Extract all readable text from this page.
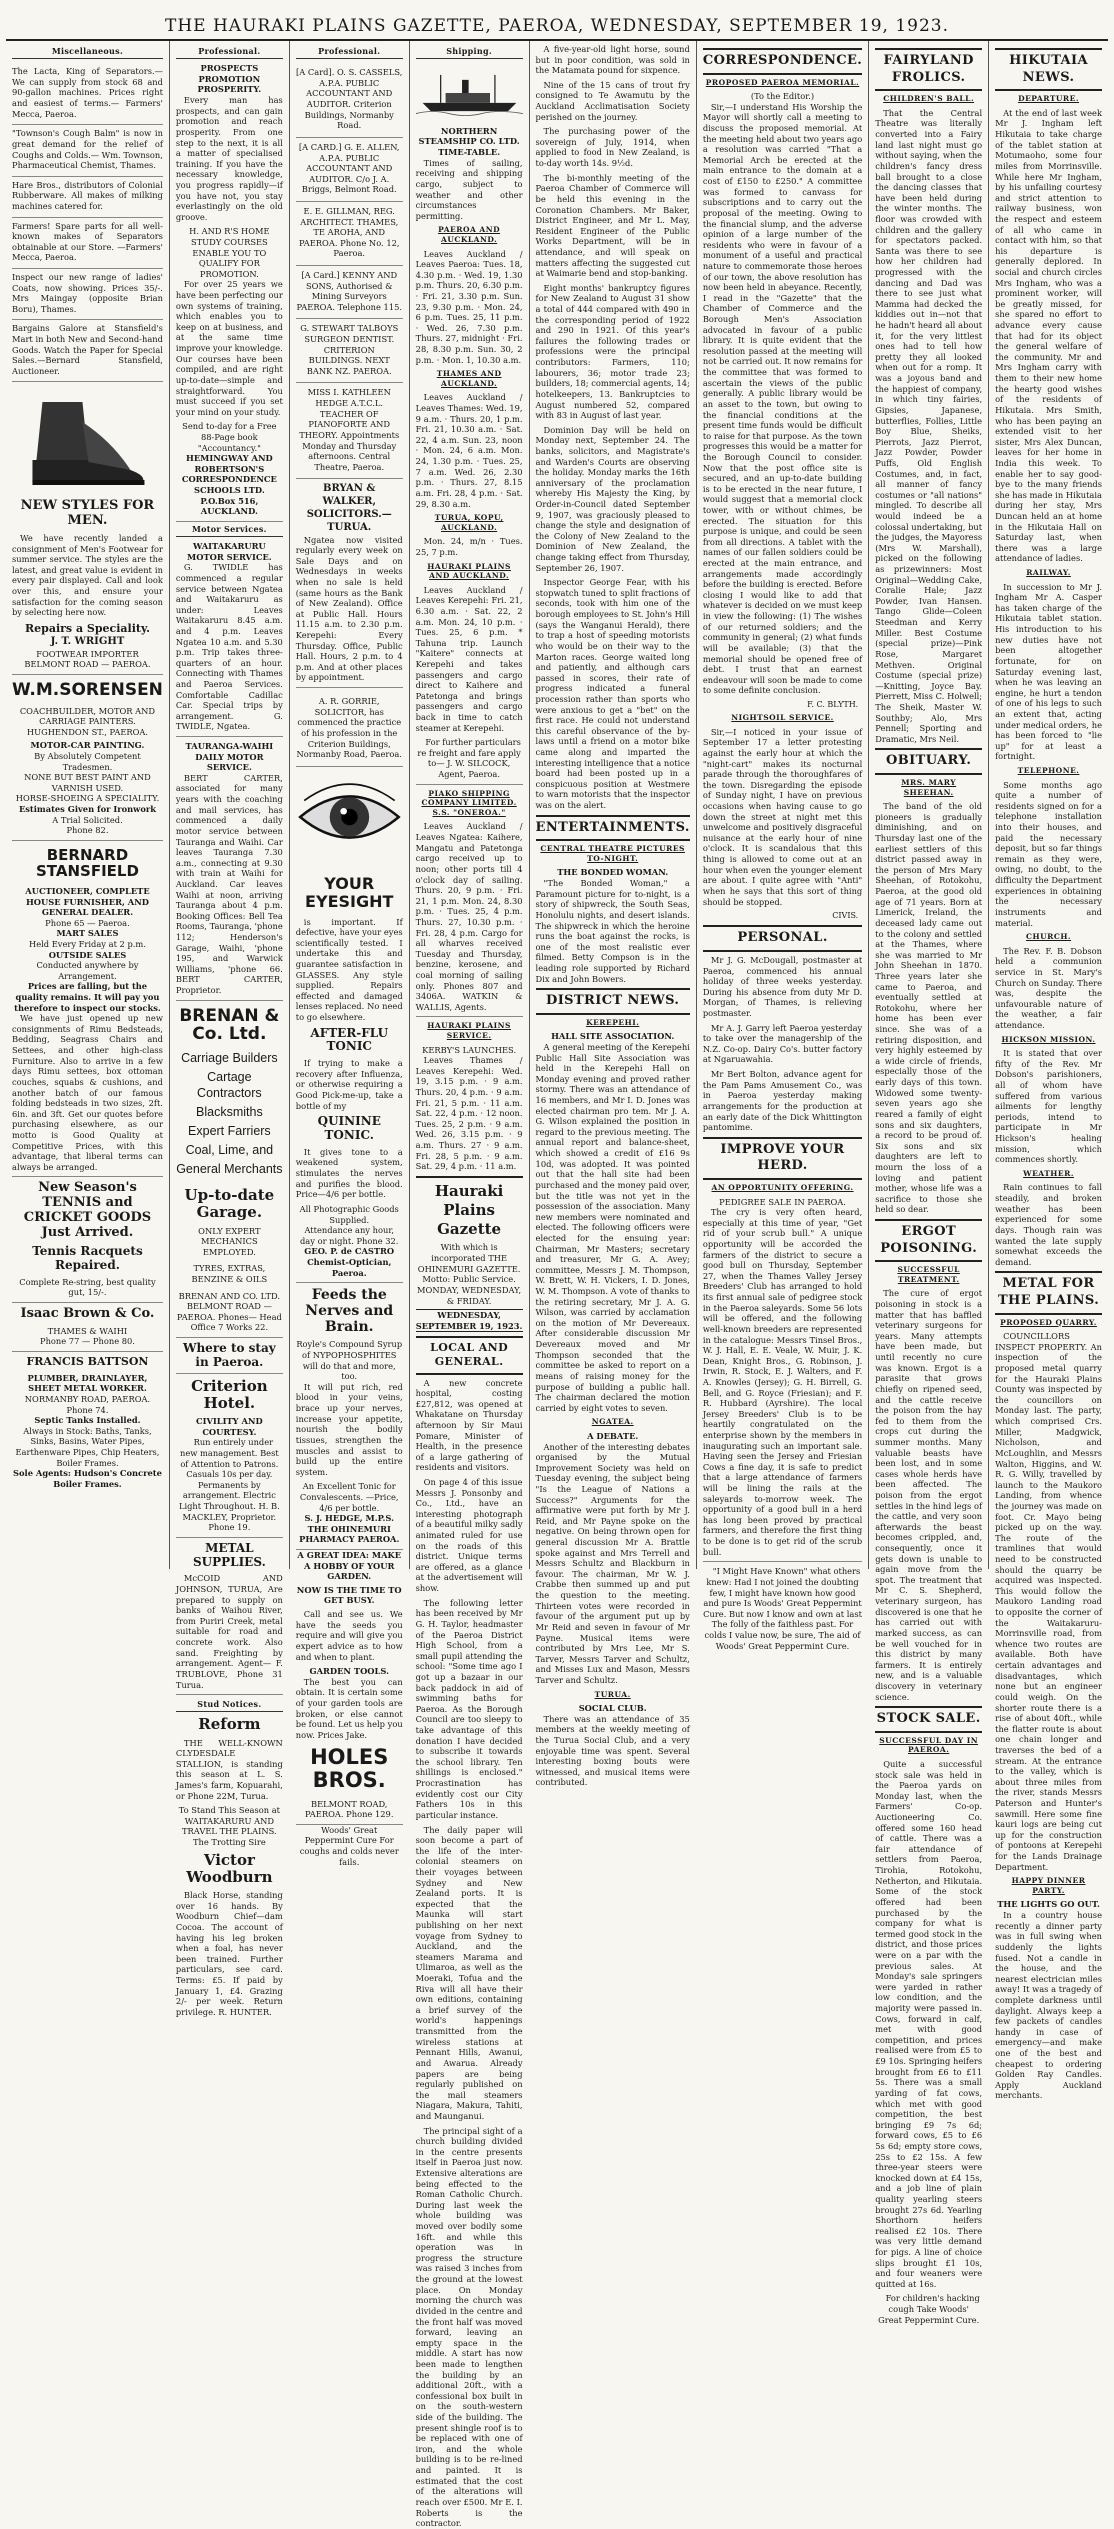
THE HAURAKI PLAINS GAZETTE, PAEROA, WEDNESDAY, SEPTEMBER 19, 1923.
Miscellaneous.
The Lacta, King of Separators.— We can supply from stock 68 and 90-gallon machines. Prices right and easiest of terms.— Farmers' Mecca, Paeroa.
"Townson's Cough Balm" is now in great demand for the relief of Coughs and Colds.— Wm. Townson, Pharmaceutical Chemist, Thames.
Hare Bros., distributors of Colonial Rubberware. All makes of milking machines catered for.
Farmers! Spare parts for all well-known makes of Separators obtainable at our Store. —Farmers' Mecca, Paeroa.
Inspect our new range of ladies' Coats, now showing. Prices 35/-. Mrs Maingay (opposite Brian Boru), Thames.
Bargains Galore at Stansfield's Mart in both New and Second-hand Goods. Watch the Paper for Special Sales.—Bernard Stansfield, Auctioneer.
NEW STYLES FOR MEN.

We have recently landed a consignment of Men's Footwear for summer service. The styles are the latest, and great value is evident in every pair displayed. Call and look over this, and ensure your satisfaction for the coming season by selecting here now.

Repairs a Speciality.
J. T. WRIGHT
FOOTWEAR IMPORTER
BELMONT ROAD — PAEROA.
W.M.SORENSEN
COACHBUILDER, MOTOR AND CARRIAGE PAINTERS. HUGHENDON ST., PAEROA.
MOTOR-CAR PAINTING.
By Absolutely Competent Tradesmen.
NONE BUT BEST PAINT AND VARNISH USED.
HORSE-SHOEING A SPECIALITY.
Estimates Given for Ironwork
A Trial Solicited.
Phone 82.
BERNARD STANSFIELD
AUCTIONEER, COMPLETE HOUSE FURNISHER, AND GENERAL DEALER.
Phone 65 — Paeroa.
MART SALES
Held Every Friday at 2 p.m.
OUTSIDE SALES
Conducted anywhere by Arrangement.
Prices are falling, but the quality remains. It will pay you therefore to inspect our stocks.

We have just opened up new consignments of Rimu Bedsteads, Bedding, Seagrass Chairs and Settees, and other high-class Furniture. Also to arrive in a few days Rimu settees, box ottoman couches, squabs & cushions, and another batch of our famous folding bedsteads in two sizes, 2ft. 6in. and 3ft. Get our quotes before purchasing elsewhere, as our motto is Good Quality at Competitive Prices, with this advantage, that liberal terms can always be arranged.

New Season's TENNIS and CRICKET GOODS Just Arrived.
Tennis Racquets Repaired.
Complete Re-string, best quality gut, 15/-.
Isaac Brown & Co.
THAMES & WAIHI
Phone 77 — Phone 80.
FRANCIS BATTSON
PLUMBER, DRAINLAYER, SHEET METAL WORKER.
NORMANBY ROAD, PAEROA. Phone 74.
Septic Tanks Installed.
Always in Stock: Baths, Tanks, Sinks, Basins, Water Pipes, Earthenware Pipes, Chip Heaters, Boiler Frames.
Sole Agents: Hudson's Concrete Boiler Frames.
Professional.
PROSPECTS PROMOTION PROSPERITY.

Every man has prospects, and can gain promotion and reach prosperity. From one step to the next, it is all a matter of specialised training. If you have the necessary knowledge, you progress rapidly—if you have not, you stay everlastingly on the old groove.

H. AND R'S HOME STUDY COURSES ENABLE YOU TO QUALIFY FOR PROMOTION.

For over 25 years we have been perfecting our own systems of training, which enables you to keep on at business, and at the same time improve your knowledge. Our courses have been compiled, and are right up-to-date—simple and straightforward. You must succeed if you set your mind on your study.

Send to-day for a Free 88-Page book "Accountancy."
HEMINGWAY AND ROBERTSON'S CORRESPONDENCE SCHOOLS LTD. P.O.Box 516, AUCKLAND.
Motor Services.
WAITAKARURU MOTOR SERVICE.

G. TWIDLE has commenced a regular service between Ngatea and Waitakaruru as under: Leaves Waitakaruru 8.45 a.m. and 4 p.m. Leaves Ngatea 10 a.m. and 5.30 p.m. Trip takes three-quarters of an hour. Connecting with Thames and Paeroa Services. Comfortable Cadillac Car. Special trips by arrangement. G. TWIDLE, Ngatea.

TAURANGA-WAIHI DAILY MOTOR SERVICE.

BERT CARTER, associated for many years with the coaching and mail services, has commenced a daily motor service between Tauranga and Waihi. Car leaves Tauranga 7.30 a.m., connecting at 9.30 with train at Waihi for Auckland. Car leaves Waihi at noon, arriving Tauranga about 4 p.m. Booking Offices: Bell Tea Rooms, Tauranga, 'phone 112; Henderson's Garage, Waihi, 'phone 195, and Warwick Williams, 'phone 66. BERT CARTER, Proprietor.

BRENAN & Co. Ltd.
Carriage Builders
Cartage Contractors
Blacksmiths
Expert Farriers
Coal, Lime, and
General Merchants
Up-to-date Garage.
ONLY EXPERT MECHANICS EMPLOYED.
TYRES, EXTRAS, BENZINE & OILS
BRENAN AND CO. LTD.
BELMONT ROAD — PAEROA. Phones— Head Office 7 Works 22.
Where to stay in Paeroa.
Criterion Hotel.
CIVILITY AND COURTESY.

Run entirely under new management. Best of Attention to Patrons. Casuals 10s per day. Permanents by arrangement. Electric Light Throughout. H. B. MACKLEY, Proprietor. Phone 19.

METAL SUPPLIES.

McCOID AND JOHNSON, TURUA, Are prepared to supply on banks of Waihou River, from Puriri Creek, metal suitable for road and concrete work. Also sand. Freighting by arrangement. Agent— F. TRUBLOVE, Phone 31 Turua.

Stud Notices.
Reform

THE WELL-KNOWN CLYDESDALE STALLION, is standing this season at L. S. James's farm, Kopuarahi, or Phone 22M, Turua.

To Stand This Season at WAITAKARURU AND TRAVEL THE PLAINS. The Trotting Sire
Victor Woodburn

Black Horse, standing over 16 hands. By Woodburn Chief—dam Cocoa. The account of having his leg broken when a foal, has never been trained. Further particulars, see card. Terms: £5. If paid by January 1, £4. Grazing 2/- per week. Return privilege. R. HUNTER.

Professional.
[A Card]. O. S. CASSELS, A.P.A. PUBLIC ACCOUNTANT AND AUDITOR. Criterion Buildings, Normanby Road.
[A CARD.] G. E. ALLEN, A.P.A. PUBLIC ACCOUNTANT AND AUDITOR. C/o J. A. Briggs, Belmont Road.
E. E. GILLMAN, REG. ARCHITECT. THAMES, TE AROHA, AND PAEROA. Phone No. 12, Paeroa.
[A Card.] KENNY AND SONS, Authorised & Mining Surveyors PAEROA. Telephone 115.
G. STEWART TALBOYS SURGEON DENTIST. CRITERION BUILDINGS. NEXT BANK NZ. PAEROA.
MISS I. KATHLEEN HEDGE A.T.C.L. TEACHER OF PIANOFORTE AND THEORY. Appointments Monday and Thursday afternoons. Central Theatre, Paeroa.
BRYAN & WALKER, SOLICITORS.—TURUA.

Ngatea now visited regularly every week on Sale Days and on Wednesdays in weeks when no sale is held (same hours as the Bank of New Zealand). Office at Public Hall. Hours 11.15 a.m. to 2.30 p.m. Kerepehi: Every Thursday. Office, Public Hall. Hours, 2 p.m. to 4 p.m. And at other places by appointment.

A. R. GORRIE, SOLICITOR, has commenced the practice of his profession in the Criterion Buildings, Normanby Road, Paeroa.
YOUR EYESIGHT

is important. If defective, have your eyes scientifically tested. I undertake this and guarantee satisfaction in GLASSES. Any style supplied. Repairs effected and damaged lenses replaced. No need to go elsewhere.

AFTER-FLU TONIC

If trying to make a recovery after Influenza, or otherwise requiring a Good Pick-me-up, take a bottle of my

QUININE TONIC.

It gives tone to a weakened system, stimulates the nerves and purifies the blood. Price—4/6 per bottle.

All Photographic Goods Supplied.
Attendance any hour, day or night. Phone 32.
GEO. P. de CASTRO Chemist-Optician, Paeroa.
Feeds the Nerves and Brain.
Royle's Compound Syrup of NYPOPHOSPHITES will do that and more, too.

It will put rich, red blood in your veins, brace up your nerves, increase your appetite, nourish the bodily tissues, strengthen the muscles and assist to build up the entire system.

An Excellent Tonic for Convalescents. —Price, 4/6 per bottle.
S. J. HEDGE, M.P.S. THE OHINEMURI PHARMACY PAEROA.
A GREAT IDEA: MAKE A HOBBY OF YOUR GARDEN.
NOW IS THE TIME TO GET BUSY.

Call and see us. We have the seeds you require and will give you expert advice as to how and when to plant.

GARDEN TOOLS.

The best you can obtain. It is certain some of your garden tools are broken, or else cannot be found. Let us help you now. Prices Jake.

HOLES BROS.
BELMONT ROAD, PAEROA. Phone 129.
Woods' Great Peppermint Cure For coughs and colds never fails.
Shipping.
NORTHERN STEAMSHIP CO. LTD.
TIME-TABLE.

Times of sailing, receiving and shipping cargo, subject to weather and other circumstances permitting.

PAEROA AND AUCKLAND.

Leaves Auckland / Leaves Paeroa: Tues. 18, 4.30 p.m. · Wed. 19, 1.30 p.m. Thurs. 20, 6.30 p.m. · Fri. 21, 3.30 p.m. Sun. 23, 9.30 p.m. · Mon. 24, 6 p.m. Tues. 25, 11 p.m. · Wed. 26, 7.30 p.m. Thurs. 27, midnight · Fri. 28, 8.30 p.m. Sun. 30, 2 p.m. · Mon. 1, 10.30 a.m.

THAMES AND AUCKLAND.

Leaves Auckland / Leaves Thames: Wed. 19, 9 a.m. · Thurs. 20, 1 p.m. Fri. 21, 10.30 a.m. · Sat. 22, 4 a.m. Sun. 23, noon · Mon. 24, 6 a.m. Mon. 24, 1.30 p.m. · Tues. 25, 7 a.m. Wed. 26, 2.30 p.m. · Thurs. 27, 8.15 a.m. Fri. 28, 4 p.m. · Sat. 29, 8.30 a.m.

TURUA, KOPU, AUCKLAND.

Mon. 24, m/n · Tues. 25, 7 p.m.

HAURAKI PLAINS AND AUCKLAND.

Leaves Auckland / Leaves Kerepehi: Fri. 21, 6.30 a.m. · Sat. 22, 2 a.m. Mon. 24, 10 p.m. · Tues. 25, 6 p.m. * Tahuna trip. Launch "Kaitere" connects at Kerepehi and takes passengers and cargo direct to Kaihere and Patetonga and brings passengers and cargo back in time to catch steamer at Kerepehi.

For further particulars re freight and fare apply to— J. W. SILCOCK, Agent, Paeroa.

PIAKO SHIPPING COMPANY LIMITED. S.S. "ONEROA."

Leaves Auckland / Leaves Ngatea: Kaihere, Mangatu and Patetonga cargo received up to noon; other ports till 4 o'clock day of sailing. Thurs. 20, 9 p.m. · Fri. 21, 1 p.m. Mon. 24, 8.30 p.m. · Tues. 25, 4 p.m. Thurs. 27, 10.30 p.m. · Fri. 28, 4 p.m. Cargo for all wharves received Tuesday and Thursday, benzine, kerosene, and coal morning of sailing only. Phones 807 and 3406A. WATKIN & WALLIS, Agents.

HAURAKI PLAINS SERVICE.
KERBY'S LAUNCHES.

Leaves Thames / Leaves Kerepehi: Wed. 19, 3.15 p.m. · 9 a.m. Thurs. 20, 4 p.m. · 9 a.m. Fri. 21, 5 p.m. · 11 a.m. Sat. 22, 4 p.m. · 12 noon. Tues. 25, 2 p.m. · 9 a.m. Wed. 26, 3.15 p.m. · 9 a.m. Thurs. 27 · 9 a.m. Fri. 28, 5 p.m. · 9 a.m. Sat. 29, 4 p.m. · 11 a.m.

Hauraki Plains Gazette
With which is incorporated THE OHINEMURI GAZETTE. Motto: Public Service. MONDAY, WEDNESDAY, & FRIDAY.
WEDNESDAY, SEPTEMBER 19, 1923.
LOCAL AND GENERAL.

A new concrete hospital, costing £27,812, was opened at Whakatane on Thursday afternoon by Sir Maui Pomare, Minister of Health, in the presence of a large gathering of residents and visitors.

On page 4 of this issue Messrs J. Ponsonby and Co., Ltd., have an interesting photograph of a beautiful milky sadly animated ruled for use on the roads of this district. Unique terms are offered, as a glance at the advertisement will show.

The following letter has been received by Mr G. H. Taylor, headmaster of the Paeroa District High School, from a small pupil attending the school: "Some time ago I got up a bazaar in our back paddock in aid of swimming baths for Paeroa. As the Borough Council are too sleepy to take advantage of this donation I have decided to subscribe it towards the school library. Ten shillings is enclosed." Procrastination has evidently cost our City Fathers 10s in this particular instance.

The daily paper will soon become a part of the life of the inter-colonial steamers on their voyages between Sydney and New Zealand ports. It is expected that the Maunka will start publishing on her next voyage from Sydney to Auckland, and the steamers Marama and Ulimaroa, as well as the Moeraki, Tofua and the Riva will all have their own editions, containing a brief survey of the world's happenings transmitted from the wireless stations at Pennant Hills, Awanui, and Awarua. Already papers are being regularly published on the mail steamers Niagara, Makura, Tahiti, and Maunganui.

The principal sight of a church building divided in the centre presents itself in Paeroa just now. Extensive alterations are being effected to the Roman Catholic Church. During last week the whole building was moved over bodily some 16ft. and while this operation was in progress the structure was raised 3 inches from the ground at the lowest place. On Monday morning the church was divided in the centre and the front half was moved forward, leaving an empty space in the middle. A start has now been made to lengthen the building by an additional 20ft., with a confessional box built in on the south-western side of the building. The present shingle roof is to be replaced with one of iron, and the whole building is to be re-lined and painted. It is estimated that the cost of the alterations will reach over £500. Mr E. I. Roberts is the contractor.

A five-year-old light horse, sound but in poor condition, was sold in the Matamata pound for sixpence.

Nine of the 15 cans of trout fry consigned to Te Awamutu by the Auckland Acclimatisation Society perished on the journey.

The purchasing power of the sovereign of July, 1914, when applied to food in New Zealand, is to-day worth 14s. 9½d.

The bi-monthly meeting of the Paeroa Chamber of Commerce will be held this evening in the Coronation Chambers. Mr Baker, District Engineer, and Mr L. May, Resident Engineer of the Public Works Department, will be in attendance, and will speak on matters affecting the suggested cut at Waimarie bend and stop-banking.

Eight months' bankruptcy figures for New Zealand to August 31 show a total of 444 compared with 490 in the corresponding period of 1922 and 290 in 1921. Of this year's failures the following trades or professions were the principal contributors: Farmers, 110; labourers, 36; motor trade 23; builders, 18; commercial agents, 14; hotelkeepers, 13. Bankruptcies to August numbered 52, compared with 83 in August of last year.

Dominion Day will be held on Monday next, September 24. The banks, solicitors, and Magistrate's and Warden's Courts are observing the holiday. Monday marks the 16th anniversary of the proclamation whereby His Majesty the King, by Order-in-Council dated September 9, 1907, was graciously pleased to change the style and designation of the Colony of New Zealand to the Dominion of New Zealand, the change taking effect from Thursday, September 26, 1907.

Inspector George Fear, with his stopwatch tuned to split fractions of seconds, took with him one of the borough employees to St. John's Hill (says the Wanganui Herald), there to trap a host of speeding motorists who would be on their way to the Marton races. George waited long and patiently, and although cars passed in scores, their rate of progress indicated a funeral procession rather than sports who were anxious to get a "bet" on the first race. He could not understand this careful observance of the by-laws until a friend on a motor bike came along and imparted the interesting intelligence that a notice board had been posted up in a conspicuous position at Westmere to warn motorists that the inspector was on the alert.

ENTERTAINMENTS.
CENTRAL THEATRE PICTURES TO-NIGHT.
THE BONDED WOMAN.

"The Bonded Woman," a Paramount picture for to-night, is a story of shipwreck, the South Seas, Honolulu nights, and desert islands. The shipwreck in which the heroine runs the boat against the rocks, is one of the most realistic ever filmed. Betty Compson is in the leading role supported by Richard Dix and John Bowers.

DISTRICT NEWS.
KEREPEHI.
HALL SITE ASSOCIATION.

A general meeting of the Kerepehi Public Hall Site Association was held in the Kerepehi Hall on Monday evening and proved rather stormy. There was an attendance of 16 members, and Mr I. D. Jones was elected chairman pro tem. Mr J. A. G. Wilson explained the position in regard to the previous meeting. The annual report and balance-sheet, which showed a credit of £16 9s 10d, was adopted. It was pointed out that the hall site had been purchased and the money paid over, but the title was not yet in the possession of the association. Many new members were nominated and elected. The following officers were elected for the ensuing year: Chairman, Mr Masters; secretary and treasurer, Mr G. A. Avey; committee, Messrs J. M. Thompson, W. Brett, W. H. Vickers, I. D. Jones, W. M. Thompson. A vote of thanks to the retiring secretary, Mr J. A. G. Wilson, was carried by acclamation on the motion of Mr Devereaux. After considerable discussion Mr Devereaux moved and Mr Thompson seconded that the committee be asked to report on a means of raising money for the purpose of building a public hall. The chairman declared the motion carried by eight votes to seven.

NGATEA.
A DEBATE.

Another of the interesting debates organised by the Mutual Improvement Society was held on Tuesday evening, the subject being "Is the League of Nations a Success?" Arguments for the affirmative were put forth by Mr J. Reid, and Mr Payne spoke on the negative. On being thrown open for general discussion Mr A. Brattle spoke against and Mrs Terrell and Messrs Schultz and Blackburn in favour. The chairman, Mr W. J. Crabbe then summed up and put the question to the meeting. Thirteen votes were recorded in favour of the argument put up by Mr Reid and seven in favour of Mr Payne. Musical items were contributed by Mrs Lee, Mr S. Tarver, Messrs Tarver and Schultz, and Misses Lux and Mason, Messrs Tarver and Schultz.

TURUA.
SOCIAL CLUB.

There was an attendance of 35 members at the weekly meeting of the Turua Social Club, and a very enjoyable time was spent. Several interesting boxing bouts were witnessed, and musical items were contributed.

CORRESPONDENCE.
PROPOSED PAEROA MEMORIAL.
(To the Editor.)

Sir,—I understand His Worship the Mayor will shortly call a meeting to discuss the proposed memorial. At the meeting held about two years ago a resolution was carried "That a Memorial Arch be erected at the main entrance to the domain at a cost of £150 to £250." A committee was formed to canvass for subscriptions and to carry out the proposal of the meeting. Owing to the financial slump, and the adverse opinion of a large number of the residents who were in favour of a monument of a useful and practical nature to commemorate those heroes of our town, the above resolution has now been held in abeyance. Recently, I read in the "Gazette" that the Chamber of Commerce and the Borough Men's Association advocated in favour of a public library. It is quite evident that the resolution passed at the meeting will not be carried out. It now remains for the committee that was formed to ascertain the views of the public generally. A public library would be an asset to the town, but owing to the financial conditions at the present time funds would be difficult to raise for that purpose. As the town progresses this would be a matter for the Borough Council to consider. Now that the post office site is secured, and an up-to-date building is to be erected in the near future, I would suggest that a memorial clock tower, with or without chimes, be erected. The situation for this purpose is unique, and could be seen from all directions. A tablet with the names of our fallen soldiers could be erected at the main entrance, and arrangements made accordingly before the building is erected. Before closing I would like to add that whatever is decided on we must keep in view the following: (1) The wishes of our returned soldiers; and the community in general; (2) what funds will be available; (3) that the memorial should be opened free of debt. I trust that an earnest endeavour will soon be made to come to some definite conclusion.

F. C. BLYTH.
NIGHTSOIL SERVICE.

Sir,—I noticed in your issue of September 17 a letter protesting against the early hour at which the "night-cart" makes its nocturnal parade through the thoroughfares of the town. Disregarding the episode of Sunday night, I have on previous occasions when having cause to go down the street at night met this unwelcome and positively disgraceful nuisance at the early hour of nine o'clock. It is scandalous that this thing is allowed to come out at an hour when even the younger element are about. I quite agree with "Anti" when he says that this sort of thing should be stopped.

CIVIS.
PERSONAL.

Mr J. G. McDougall, postmaster at Paeroa, commenced his annual holiday of three weeks yesterday. During his absence from duty Mr D. Morgan, of Thames, is relieving postmaster.

Mr A. J. Garry left Paeroa yesterday to take over the managership of the N.Z. Co-op. Dairy Co's. butter factory at Ngaruawahia.

Mr Bert Bolton, advance agent for the Pam Pams Amusement Co., was in Paeroa yesterday making arrangements for the production at an early date of the Dick Whittington pantomime.

IMPROVE YOUR HERD.
AN OPPORTUNITY OFFERING.
PEDIGREE SALE IN PAEROA.

The cry is very often heard, especially at this time of year, "Get rid of your scrub bull." A unique opportunity will be accorded the farmers of the district to secure a good bull on Thursday, September 27, when the Thames Valley Jersey Breeders' Club has arranged to hold its first annual sale of pedigree stock in the Paeroa saleyards. Some 56 lots will be offered, and the following well-known breeders are represented in the catalogue: Messrs Tinsel Bros., W. J. Hall, E. E. Veale, W. Muir, J. K. Dean, Knight Bros., G. Robinson, J. Irwin, R. Stock, E. J. Walters, and F. A. Knowles (Jersey); G. H. Birrell, G. Bell, and G. Royce (Friesian); and F. R. Hubbard (Ayrshire). The local Jersey Breeders' Club is to be heartily congratulated on the enterprise shown by the members in inaugurating such an important sale. Having seen the Jersey and Friesian Cows a fine day, it is safe to predict that a large attendance of farmers will be lining the rails at the saleyards to-morrow week. The opportunity of a good bull in a herd has long been proved by practical farmers, and therefore the first thing to be done is to get rid of the scrub bull.

"I Might Have Known" what others knew: Had I not joined the doubting few, I might have known how good and pure Is Woods' Great Peppermint Cure. But now I know and own at last The folly of the faithless past. For colds I value now, be sure, The aid of Woods' Great Peppermint Cure.

FAIRYLAND FROLICS.
CHILDREN'S BALL.

That the Central Theatre was literally converted into a Fairy land last night must go without saying, when the children's fancy dress ball brought to a close the dancing classes that have been held during the winter months. The floor was crowded with children and the gallery for spectators packed. Santa was there to see how her children had progressed with the dancing and Dad was there to see just what Mamma had decked the kiddies out in—not that he hadn't heard all about it, for the very littlest ones had to tell how pretty they all looked when out for a romp. It was a joyous band and the happiest of company, in which tiny fairies, Gipsies, Japanese, butterflies, Follies, Little Boy Blue, Sheiks, Pierrots, Jazz Pierrot, Jazz Powder, Powder Puffs, Old English Costumes, and, in fact, all manner of fancy costumes or "all nations" mingled. To describe all would indeed be a colossal undertaking, but the judges, the Mayoress (Mrs W. Marshall), picked on the following as prizewinners: Most Original—Wedding Cake, Coralie Hale; Jazz Powder, Ivan Hansen. Tango Glide—Coleen Steedman and Kerry Miller. Best Costume (special prize)—Pink Rose, Margaret Methven. Original Costume (special prize)—Knitting, Joyce Bay. Pierrett, Miss C. Holwell; The Sheik, Master W. Southby; Alo, Mrs Pennell; Sporting and Dramatic, Mrs Neil.

OBITUARY.
MRS. MARY SHEEHAN.

The band of the old pioneers is gradually diminishing, and on Thursday last one of the earliest settlers of this district passed away in the person of Mrs Mary Sheehan, of Rotokohu, Paeroa, at the good old age of 71 years. Born at Limerick, Ireland, the deceased lady came out to the colony and settled at the Thames, where she was married to Mr John Sheehan in 1870. Three years later she came to Paeroa, and eventually settled at Rotokohu, where her home has been ever since. She was of a retiring disposition, and very highly esteemed by a wide circle of friends, especially those of the early days of this town. Widowed some twenty-seven years ago she reared a family of eight sons and six daughters, a record to be proud of. Six sons and six daughters are left to mourn the loss of a loving and patient mother, whose life was a sacrifice to those she held so dear.

ERGOT POISONING.
SUCCESSFUL TREATMENT.

The cure of ergot poisoning in stock is a matter that has baffled veterinary surgeons for years. Many attempts have been made, but until recently no cure was known. Ergot is a parasite that grows chiefly on ripened seed, and the cattle receive the poison from the hay fed to them from the crops cut during the summer months. Many valuable beasts have been lost, and in some cases whole herds have been affected. The poison from the ergot settles in the hind legs of the cattle, and very soon afterwards the beast becomes crippled, and, consequently, once it gets down is unable to again move from the spot. The treatment that Mr C. S. Shepherd, veterinary surgeon, has discovered is one that he has carried out with marked success, as can be well vouched for in this district by many farmers. It is entirely new, and is a valuable discovery in veterinary science.

STOCK SALE.
SUCCESSFUL DAY IN PAEROA.

Quite a successful stock sale was held in the Paeroa yards on Monday last, when the Farmers' Co-op. Auctioneering Co. offered some 160 head of cattle. There was a fair attendance of settlers from Paeroa, Tirohia, Rotokohu, Netherton, and Hikutaia. Some of the stock offered had been purchased by the company for what is termed good stock in the district, and those prices were on a par with the previous sales. At Monday's sale springers were yarded in rather low condition, and the majority were passed in. Cows, forward in calf, met with good competition, and prices realised were from £5 to £9 10s. Springing heifers brought from £6 to £11 5s. There was a small yarding of fat cows, which met with good competition, the best bringing £9 7s 6d; forward cows, £5 to £6 5s 6d; empty store cows, 25s to £2 15s. A few three-year steers were knocked down at £4 15s, and a job line of plain quality yearling steers brought 27s 6d. Yearling Shorthorn heifers realised £2 10s. There was very little demand for pigs. A line of choice slips brought £1 10s, and four weaners were quitted at 16s.

For children's hacking cough Take Woods' Great Peppermint Cure.

HIKUTAIA NEWS.
DEPARTURE.

At the end of last week Mr J. Ingham left Hikutaia to take charge of the tablet station at Motumaoho, some four miles from Morrinsville. While here Mr Ingham, by his unfailing courtesy and strict attention to railway business, won the respect and esteem of all who came in contact with him, so that his departure is generally deplored. In social and church circles Mrs Ingham, who was a prominent worker, will be greatly missed, for she spared no effort to advance every cause that had for its object the general welfare of the community. Mr and Mrs Ingham carry with them to their new home the hearty good wishes of the residents of Hikutaia. Mrs Smith, who has been paying an extended visit to her sister, Mrs Alex Duncan, leaves for her home in India this week. To enable her to say good-bye to the many friends she has made in Hikutaia during her stay, Mrs Duncan held an at home in the Hikutaia Hall on Saturday last, when there was a large attendance of ladies.

RAILWAY.

In succession to Mr J. Ingham Mr A. Casper has taken charge of the Hikutaia tablet station. His introduction to his new duties have not been altogether fortunate, for on Saturday evening last, when he was leaving an engine, he hurt a tendon of one of his legs to such an extent that, acting under medical orders, he has been forced to "lie up" for at least a fortnight.

TELEPHONE.

Some months ago quite a number of residents signed on for a telephone installation into their houses, and paid the necessary deposit, but so far things remain as they were, owing, no doubt, to the difficulty the Department experiences in obtaining the necessary instruments and material.

CHURCH.

The Rev. F. B. Dobson held a communion service in St. Mary's Church on Sunday. There was, despite the unfavourable nature of the weather, a fair attendance.

HICKSON MISSION.

It is stated that over fifty of the Rev. Mr Dobson's parishioners, all of whom have suffered from various ailments for lengthy periods, intend to participate in Mr Hickson's healing mission, which commences shortly.

WEATHER.

Rain continues to fall steadily, and broken weather has been experienced for some days. Though rain was wanted the late supply somewhat exceeds the demand.

METAL FOR THE PLAINS.
PROPOSED QUARRY.

COUNCILLORS INSPECT PROPERTY. An inspection of the proposed metal quarry for the Hauraki Plains County was inspected by the councillors on Monday last. The party, which comprised Crs. Miller, Madgwick, Nicholson, and McLoughlin, and Messrs Walton, Higgins, and W. R. G. Willy, travelled by launch to the Maukoro Landing, from whence the journey was made on foot. Cr. Mayo being picked up on the way. The route of the tramlines that would need to be constructed should the quarry be acquired was inspected. This would follow the Maukoro Landing road to opposite the corner of the Waitakaruru-Morrinsville road, from whence two routes are available. Both have certain advantages and disadvantages, which none but an engineer could weigh. On the shorter route there is a rise of about 40ft., while the flatter route is about one chain longer and traverses the bed of a stream. At the entrance to the valley, which is about three miles from the river, stands Messrs Paterson and Hunter's sawmill. Here some fine kauri logs are being cut up for the construction of pontoons at Kerepehi for the Lands Drainage Department.

HAPPY DINNER PARTY.
THE LIGHTS GO OUT.

In a country house recently a dinner party was in full swing when suddenly the lights fused. Not a candle in the house, and the nearest electrician miles away! It was a tragedy of complete darkness until daylight. Always keep a few packets of candles handy in case of emergency—and make one of the best and cheapest to ordering Golden Ray Candles. Apply Auckland merchants.
